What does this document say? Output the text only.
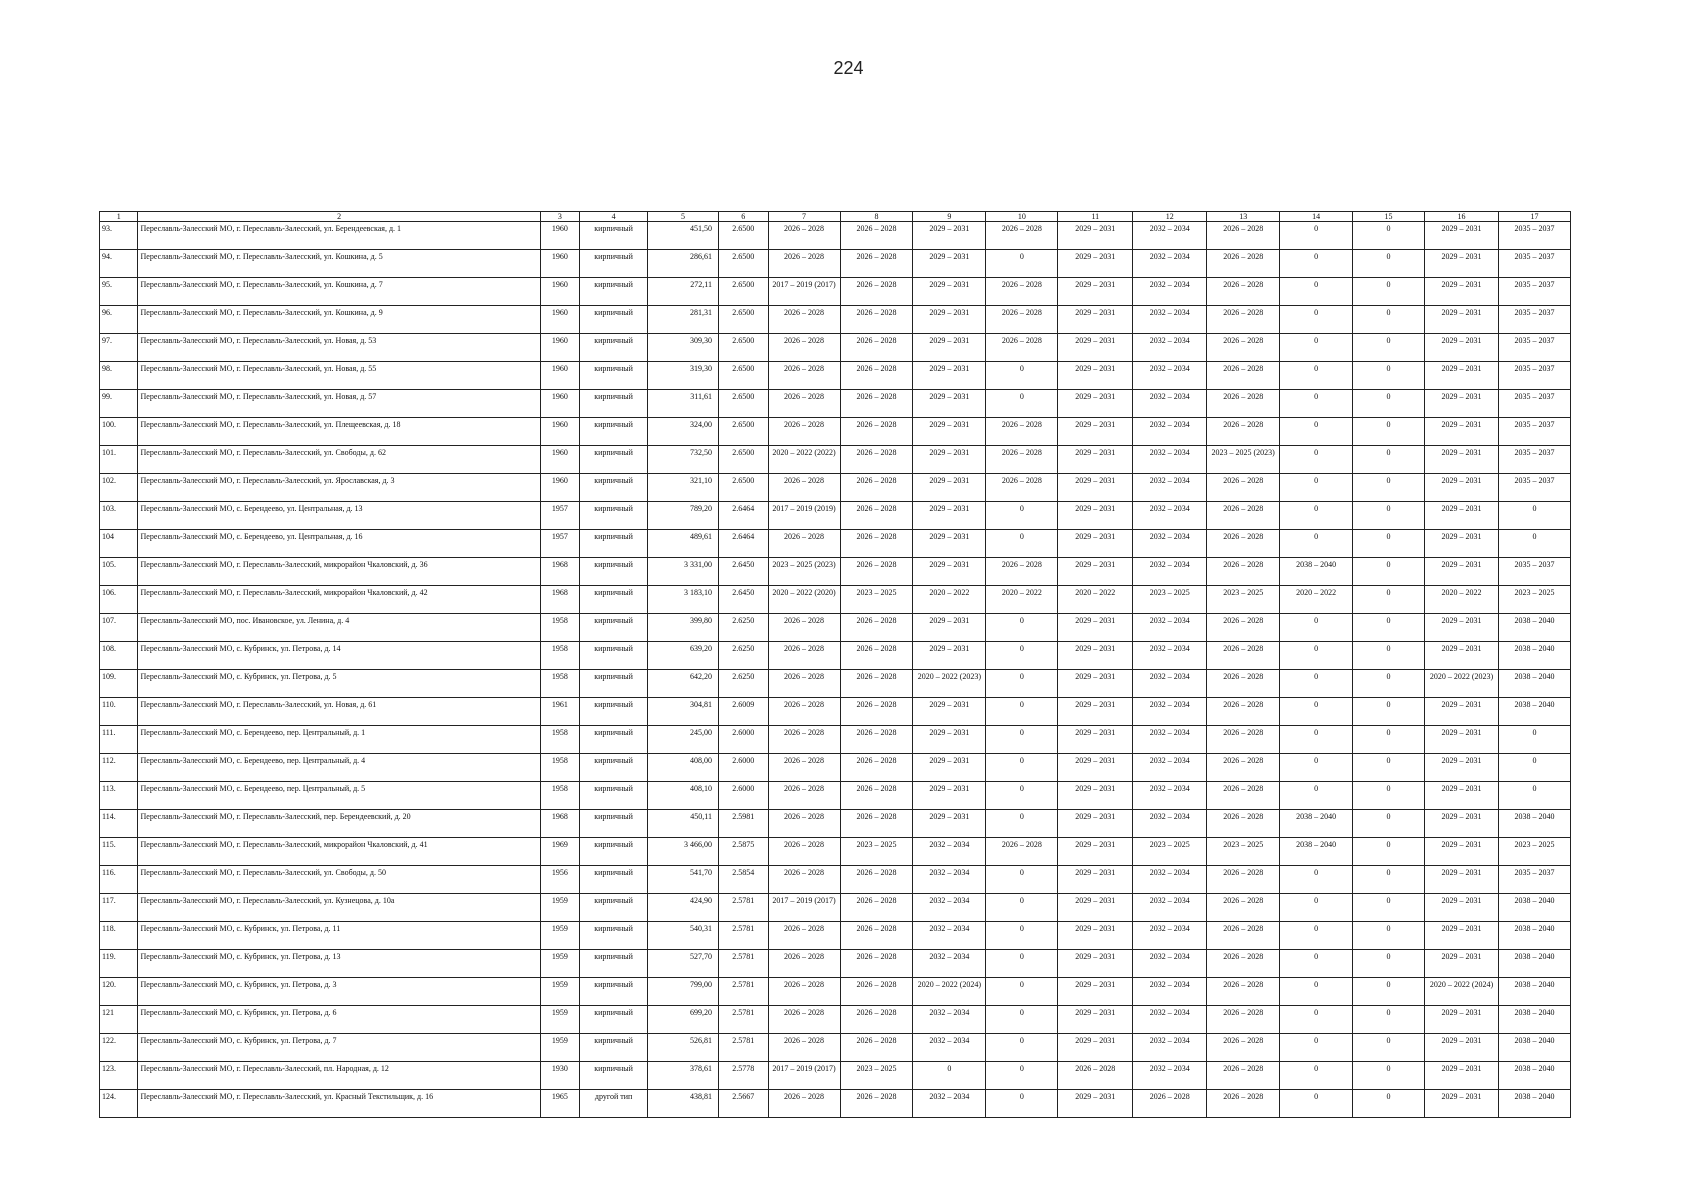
224
1	2	3	4	5	6	7	8	9	10	11	12	13	14	15	16	17
93.	Переславль-Залесский МО, г. Переславль-Залесский, ул. Берендеевская, д. 1	1960	кирпичный	451,50	2.6500	2026 – 2028	2026 – 2028	2029 – 2031	2026 – 2028	2029 – 2031	2032 – 2034	2026 – 2028	0	0	2029 – 2031	2035 – 2037
94.	Переславль-Залесский МО, г. Переславль-Залесский, ул. Кошкина, д. 5	1960	кирпичный	286,61	2.6500	2026 – 2028	2026 – 2028	2029 – 2031	0	2029 – 2031	2032 – 2034	2026 – 2028	0	0	2029 – 2031	2035 – 2037
95.	Переславль-Залесский МО, г. Переславль-Залесский, ул. Кошкина, д. 7	1960	кирпичный	272,11	2.6500	2017 – 2019 (2017)	2026 – 2028	2029 – 2031	2026 – 2028	2029 – 2031	2032 – 2034	2026 – 2028	0	0	2029 – 2031	2035 – 2037
96.	Переславль-Залесский МО, г. Переславль-Залесский, ул. Кошкина, д. 9	1960	кирпичный	281,31	2.6500	2026 – 2028	2026 – 2028	2029 – 2031	2026 – 2028	2029 – 2031	2032 – 2034	2026 – 2028	0	0	2029 – 2031	2035 – 2037
97.	Переславль-Залесский МО, г. Переславль-Залесский, ул. Новая, д. 53	1960	кирпичный	309,30	2.6500	2026 – 2028	2026 – 2028	2029 – 2031	2026 – 2028	2029 – 2031	2032 – 2034	2026 – 2028	0	0	2029 – 2031	2035 – 2037
98.	Переславль-Залесский МО, г. Переславль-Залесский, ул. Новая, д. 55	1960	кирпичный	319,30	2.6500	2026 – 2028	2026 – 2028	2029 – 2031	0	2029 – 2031	2032 – 2034	2026 – 2028	0	0	2029 – 2031	2035 – 2037
99.	Переславль-Залесский МО, г. Переславль-Залесский, ул. Новая, д. 57	1960	кирпичный	311,61	2.6500	2026 – 2028	2026 – 2028	2029 – 2031	0	2029 – 2031	2032 – 2034	2026 – 2028	0	0	2029 – 2031	2035 – 2037
100.	Переславль-Залесский МО, г. Переславль-Залесский, ул. Плещеевская, д. 18	1960	кирпичный	324,00	2.6500	2026 – 2028	2026 – 2028	2029 – 2031	2026 – 2028	2029 – 2031	2032 – 2034	2026 – 2028	0	0	2029 – 2031	2035 – 2037
101.	Переславль-Залесский МО, г. Переславль-Залесский, ул. Свободы, д. 62	1960	кирпичный	732,50	2.6500	2020 – 2022 (2022)	2026 – 2028	2029 – 2031	2026 – 2028	2029 – 2031	2032 – 2034	2023 – 2025 (2023)	0	0	2029 – 2031	2035 – 2037
102.	Переславль-Залесский МО, г. Переславль-Залесский, ул. Ярославская, д. 3	1960	кирпичный	321,10	2.6500	2026 – 2028	2026 – 2028	2029 – 2031	2026 – 2028	2029 – 2031	2032 – 2034	2026 – 2028	0	0	2029 – 2031	2035 – 2037
103.	Переславль-Залесский МО, с. Берендеево, ул. Центральная, д. 13	1957	кирпичный	789,20	2.6464	2017 – 2019 (2019)	2026 – 2028	2029 – 2031	0	2029 – 2031	2032 – 2034	2026 – 2028	0	0	2029 – 2031	0
104	Переславль-Залесский МО, с. Берендеево, ул. Центральная, д. 16	1957	кирпичный	489,61	2.6464	2026 – 2028	2026 – 2028	2029 – 2031	0	2029 – 2031	2032 – 2034	2026 – 2028	0	0	2029 – 2031	0
105.	Переславль-Залесский МО, г. Переславль-Залесский, микрорайон Чкаловский, д. 36	1968	кирпичный	3 331,00	2.6450	2023 – 2025 (2023)	2026 – 2028	2029 – 2031	2026 – 2028	2029 – 2031	2032 – 2034	2026 – 2028	2038 – 2040	0	2029 – 2031	2035 – 2037
106.	Переславль-Залесский МО, г. Переславль-Залесский, микрорайон Чкаловский, д. 42	1968	кирпичный	3 183,10	2.6450	2020 – 2022 (2020)	2023 – 2025	2020 – 2022	2020 – 2022	2020 – 2022	2023 – 2025	2023 – 2025	2020 – 2022	0	2020 – 2022	2023 – 2025
107.	Переславль-Залесский МО, пос. Ивановское, ул. Ленина, д. 4	1958	кирпичный	399,80	2.6250	2026 – 2028	2026 – 2028	2029 – 2031	0	2029 – 2031	2032 – 2034	2026 – 2028	0	0	2029 – 2031	2038 – 2040
108.	Переславль-Залесский МО, с. Кубринск, ул. Петрова, д. 14	1958	кирпичный	639,20	2.6250	2026 – 2028	2026 – 2028	2029 – 2031	0	2029 – 2031	2032 – 2034	2026 – 2028	0	0	2029 – 2031	2038 – 2040
109.	Переславль-Залесский МО, с. Кубринск, ул. Петрова, д. 5	1958	кирпичный	642,20	2.6250	2026 – 2028	2026 – 2028	2020 – 2022 (2023)	0	2029 – 2031	2032 – 2034	2026 – 2028	0	0	2020 – 2022 (2023)	2038 – 2040
110.	Переславль-Залесский МО, г. Переславль-Залесский, ул. Новая, д. 61	1961	кирпичный	304,81	2.6009	2026 – 2028	2026 – 2028	2029 – 2031	0	2029 – 2031	2032 – 2034	2026 – 2028	0	0	2029 – 2031	2038 – 2040
111.	Переславль-Залесский МО, с. Берендеево, пер. Центральный, д. 1	1958	кирпичный	245,00	2.6000	2026 – 2028	2026 – 2028	2029 – 2031	0	2029 – 2031	2032 – 2034	2026 – 2028	0	0	2029 – 2031	0
112.	Переславль-Залесский МО, с. Берендеево, пер. Центральный, д. 4	1958	кирпичный	408,00	2.6000	2026 – 2028	2026 – 2028	2029 – 2031	0	2029 – 2031	2032 – 2034	2026 – 2028	0	0	2029 – 2031	0
113.	Переславль-Залесский МО, с. Берендеево, пер. Центральный, д. 5	1958	кирпичный	408,10	2.6000	2026 – 2028	2026 – 2028	2029 – 2031	0	2029 – 2031	2032 – 2034	2026 – 2028	0	0	2029 – 2031	0
114.	Переславль-Залесский МО, г. Переславль-Залесский, пер. Берендеевский, д. 20	1968	кирпичный	450,11	2.5981	2026 – 2028	2026 – 2028	2029 – 2031	0	2029 – 2031	2032 – 2034	2026 – 2028	2038 – 2040	0	2029 – 2031	2038 – 2040
115.	Переславль-Залесский МО, г. Переславль-Залесский, микрорайон Чкаловский, д. 41	1969	кирпичный	3 466,00	2.5875	2026 – 2028	2023 – 2025	2032 – 2034	2026 – 2028	2029 – 2031	2023 – 2025	2023 – 2025	2038 – 2040	0	2029 – 2031	2023 – 2025
116.	Переславль-Залесский МО, г. Переславль-Залесский, ул. Свободы, д. 50	1956	кирпичный	541,70	2.5854	2026 – 2028	2026 – 2028	2032 – 2034	0	2029 – 2031	2032 – 2034	2026 – 2028	0	0	2029 – 2031	2035 – 2037
117.	Переславль-Залесский МО, г. Переславль-Залесский, ул. Кузнецова, д. 10а	1959	кирпичный	424,90	2.5781	2017 – 2019 (2017)	2026 – 2028	2032 – 2034	0	2029 – 2031	2032 – 2034	2026 – 2028	0	0	2029 – 2031	2038 – 2040
118.	Переславль-Залесский МО, с. Кубринск, ул. Петрова, д. 11	1959	кирпичный	540,31	2.5781	2026 – 2028	2026 – 2028	2032 – 2034	0	2029 – 2031	2032 – 2034	2026 – 2028	0	0	2029 – 2031	2038 – 2040
119.	Переславль-Залесский МО, с. Кубринск, ул. Петрова, д. 13	1959	кирпичный	527,70	2.5781	2026 – 2028	2026 – 2028	2032 – 2034	0	2029 – 2031	2032 – 2034	2026 – 2028	0	0	2029 – 2031	2038 – 2040
120.	Переславль-Залесский МО, с. Кубринск, ул. Петрова, д. 3	1959	кирпичный	799,00	2.5781	2026 – 2028	2026 – 2028	2020 – 2022 (2024)	0	2029 – 2031	2032 – 2034	2026 – 2028	0	0	2020 – 2022 (2024)	2038 – 2040
121	Переславль-Залесский МО, с. Кубринск, ул. Петрова, д. 6	1959	кирпичный	699,20	2.5781	2026 – 2028	2026 – 2028	2032 – 2034	0	2029 – 2031	2032 – 2034	2026 – 2028	0	0	2029 – 2031	2038 – 2040
122.	Переславль-Залесский МО, с. Кубринск, ул. Петрова, д. 7	1959	кирпичный	526,81	2.5781	2026 – 2028	2026 – 2028	2032 – 2034	0	2029 – 2031	2032 – 2034	2026 – 2028	0	0	2029 – 2031	2038 – 2040
123.	Переславль-Залесский МО, г. Переславль-Залесский, пл. Народная, д. 12	1930	кирпичный	378,61	2.5778	2017 – 2019 (2017)	2023 – 2025	0	0	2026 – 2028	2032 – 2034	2026 – 2028	0	0	2029 – 2031	2038 – 2040
124.	Переславль-Залесский МО, г. Переславль-Залесский, ул. Красный Текстильщик, д. 16	1965	другой тип	438,81	2.5667	2026 – 2028	2026 – 2028	2032 – 2034	0	2029 – 2031	2026 – 2028	2026 – 2028	0	0	2029 – 2031	2038 – 2040
